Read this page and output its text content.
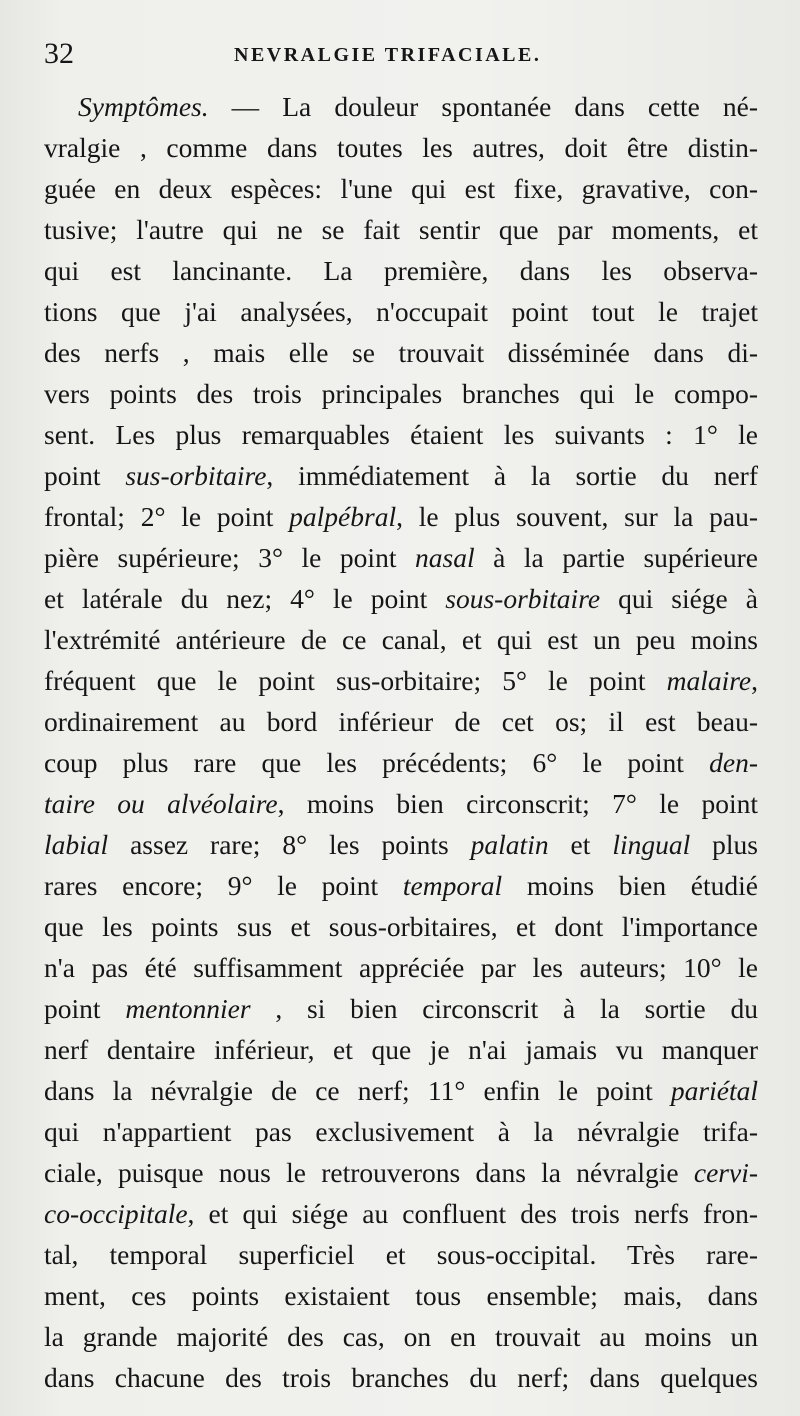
32	NEVRALGIE TRIFACIALE.
Symptômes. — La douleur spontanée dans cette né-
vralgie , comme dans toutes les autres, doit être distin-
guée en deux espèces: l'une qui est fixe, gravative, con-
tusive; l'autre qui ne se fait sentir que par moments, et
qui est lancinante. La première, dans les observa-
tions que j'ai analysées, n'occupait point tout le trajet
des nerfs , mais elle se trouvait disséminée dans di-
vers points des trois principales branches qui le compo-
sent. Les plus remarquables étaient les suivants : 1° le
point sus-orbitaire, immédiatement à la sortie du nerf
frontal; 2° le point palpébral, le plus souvent, sur la pau-
pière supérieure; 3° le point nasal à la partie supérieure
et latérale du nez; 4° le point sous-orbitaire qui siége à
l'extrémité antérieure de ce canal, et qui est un peu moins
fréquent que le point sus-orbitaire; 5° le point malaire,
ordinairement au bord inférieur de cet os; il est beau-
coup plus rare que les précédents; 6° le point den-
taire ou alvéolaire, moins bien circonscrit; 7° le point
labial assez rare; 8° les points palatin et lingual plus
rares encore; 9° le point temporal moins bien étudié
que les points sus et sous-orbitaires, et dont l'importance
n'a pas été suffisamment appréciée par les auteurs; 10° le
point mentonnier , si bien circonscrit à la sortie du
nerf dentaire inférieur, et que je n'ai jamais vu manquer
dans la névralgie de ce nerf; 11° enfin le point pariétal
qui n'appartient pas exclusivement à la névralgie trifa-
ciale, puisque nous le retrouverons dans la névralgie cervi-
co-occipitale, et qui siége au confluent des trois nerfs fron-
tal, temporal superficiel et sous-occipital. Très rare-
ment, ces points existaient tous ensemble; mais, dans
la grande majorité des cas, on en trouvait au moins un
dans chacune des trois branches du nerf; dans quelques
